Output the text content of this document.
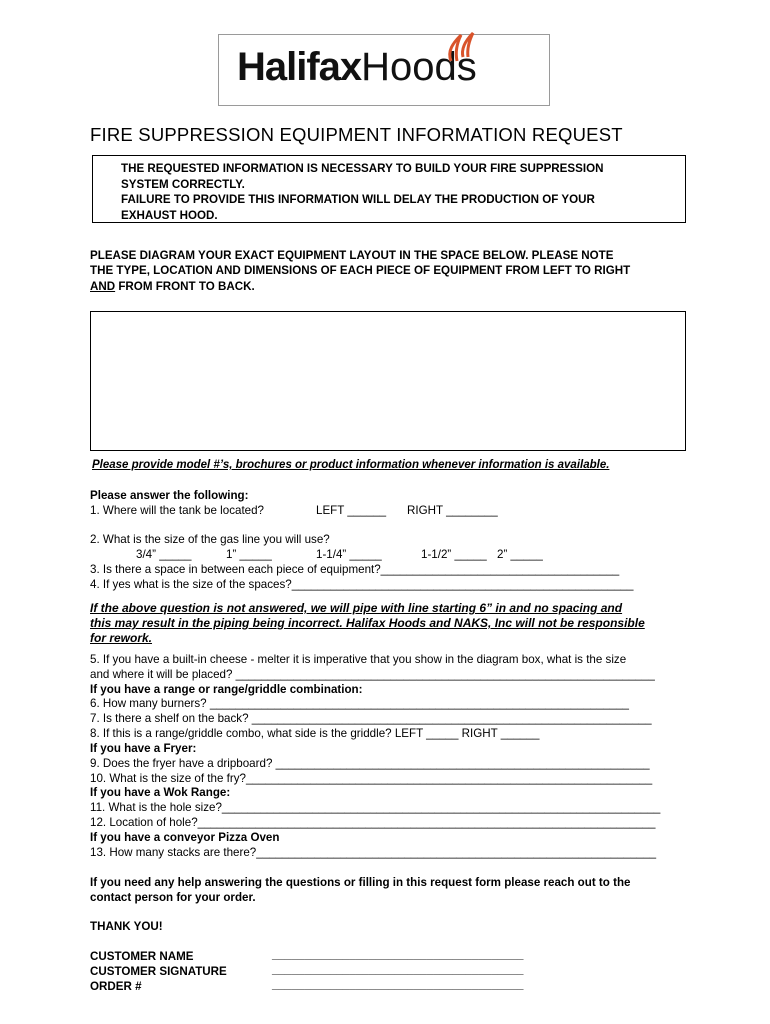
HalifaxHoods
FIRE SUPPRESSION EQUIPMENT INFORMATION REQUEST
THE REQUESTED INFORMATION IS NECESSARY TO BUILD YOUR FIRE SUPPRESSION
SYSTEM CORRECTLY.
FAILURE TO PROVIDE THIS INFORMATION WILL DELAY THE PRODUCTION OF YOUR
EXHAUST HOOD.
PLEASE DIAGRAM YOUR EXACT EQUIPMENT LAYOUT IN THE SPACE BELOW. PLEASE NOTE
THE TYPE, LOCATION AND DIMENSIONS OF EACH PIECE OF EQUIPMENT FROM LEFT TO RIGHT
AND FROM FRONT TO BACK.
Please provide model #’s, brochures or product information whenever information is available.
Please answer the following:
1. Where will the tank be located?	LEFT ______ RIGHT ________
2. What is the size of the gas line you will use?
3/4” _____	1” _____	1-1/4” _____	1-1/2” _____ 2” _____
3. Is there a space in between each piece of equipment?_____________________________________
4. If yes what is the size of the spaces?_____________________________________________________
If the above question is not answered, we will pipe with line starting 6” in and no spacing and
this may result in the piping being incorrect. Halifax Hoods and NAKS, Inc will not be responsible
for rework.
5. If you have a built-in cheese - melter it is imperative that you show in the diagram box, what is the size
and where it will be placed? _________________________________________________________________
If you have a range or range/griddle combination:
6. How many burners? _________________________________________________________________
7. Is there a shelf on the back? ______________________________________________________________
8. If this is a range/griddle combo, what side is the griddle? LEFT _____ RIGHT ______
If you have a Fryer:
9. Does the fryer have a dripboard? __________________________________________________________
10. What is the size of the fry?_______________________________________________________________
If you have a Wok Range:
11. What is the hole size?____________________________________________________________________
12. Location of hole?_______________________________________________________________________
If you have a conveyor Pizza Oven
13. How many stacks are there?______________________________________________________________
If you need any help answering the questions or filling in this request form please reach out to the
contact person for your order.
THANK YOU!
CUSTOMER NAME	_______________________________________
CUSTOMER SIGNATURE	_______________________________________
ORDER #	_______________________________________
